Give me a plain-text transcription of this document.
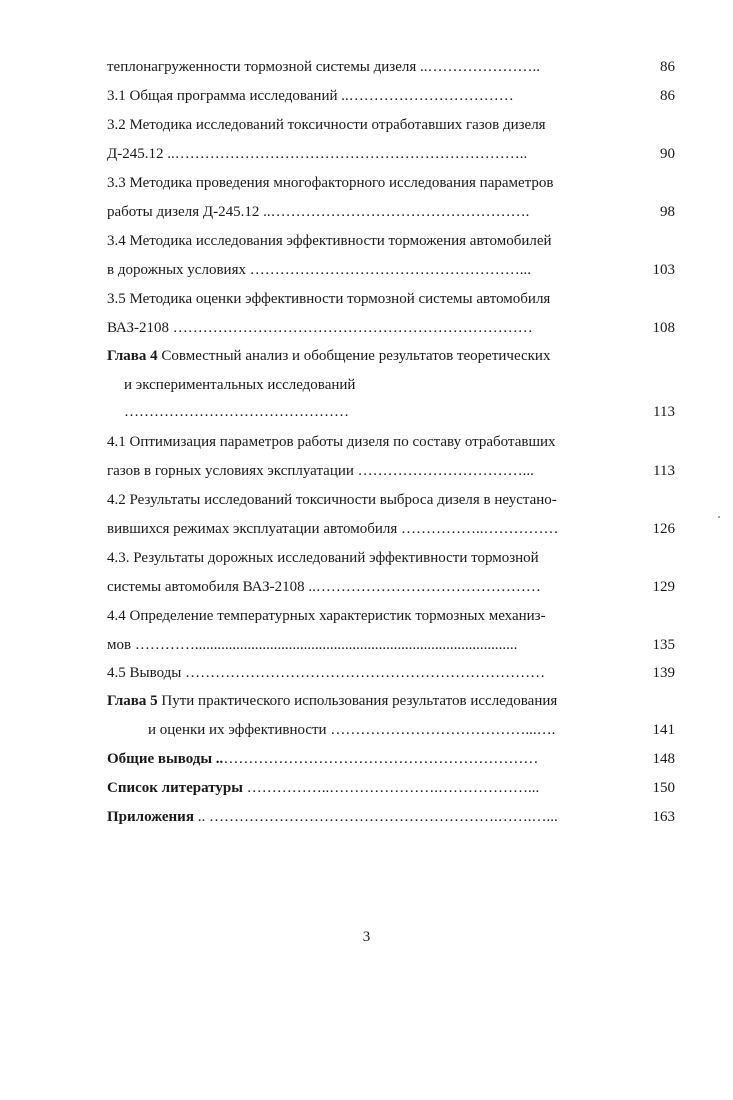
теплонагруженности тормозной системы дизеля ..…………………..	86
3.1 Общая программа исследований ..……………………………	86
3.2 Методика исследований токсичности отработавших газов дизеля
Д-245.12 ..……………………………………………………………..	90
3.3 Методика проведения многофакторного исследования параметров
работы дизеля Д-245.12 ..…………………………………………….	98
3.4 Методика исследования эффективности торможения автомобилей
в дорожных условиях ………………………………………………...	103
3.5 Методика оценки эффективности тормозной системы автомобиля
ВАЗ-2108 ………………………………………………………………	108
Глава 4 Совместный анализ и обобщение результатов теоретических
и экспериментальных исследований
………………………………………	113
4.1 Оптимизация параметров работы дизеля по составу отработавших
газов в горных условиях эксплуатации ……………………………...	113
4.2 Результаты исследований токсичности выброса дизеля в неустано-
вившихся режимах эксплуатации автомобиля ……………..……………	126
4.3. Результаты дорожных исследований эффективности тормозной
системы автомобиля ВАЗ-2108 ..………………………………………	129
4.4 Определение температурных характеристик тормозных механиз-
мов …………......................................................................................	135
4.5 Выводы ………………………………………………………………	139
Глава 5 Пути практического использования результатов исследования
и оценки их эффективности …………………………………...….	141
Общие выводы ..………………………………………………………	148
Список литературы ……………..………………….………………...	150
Приложения .. ………………………………………………….…….…...	163
3
